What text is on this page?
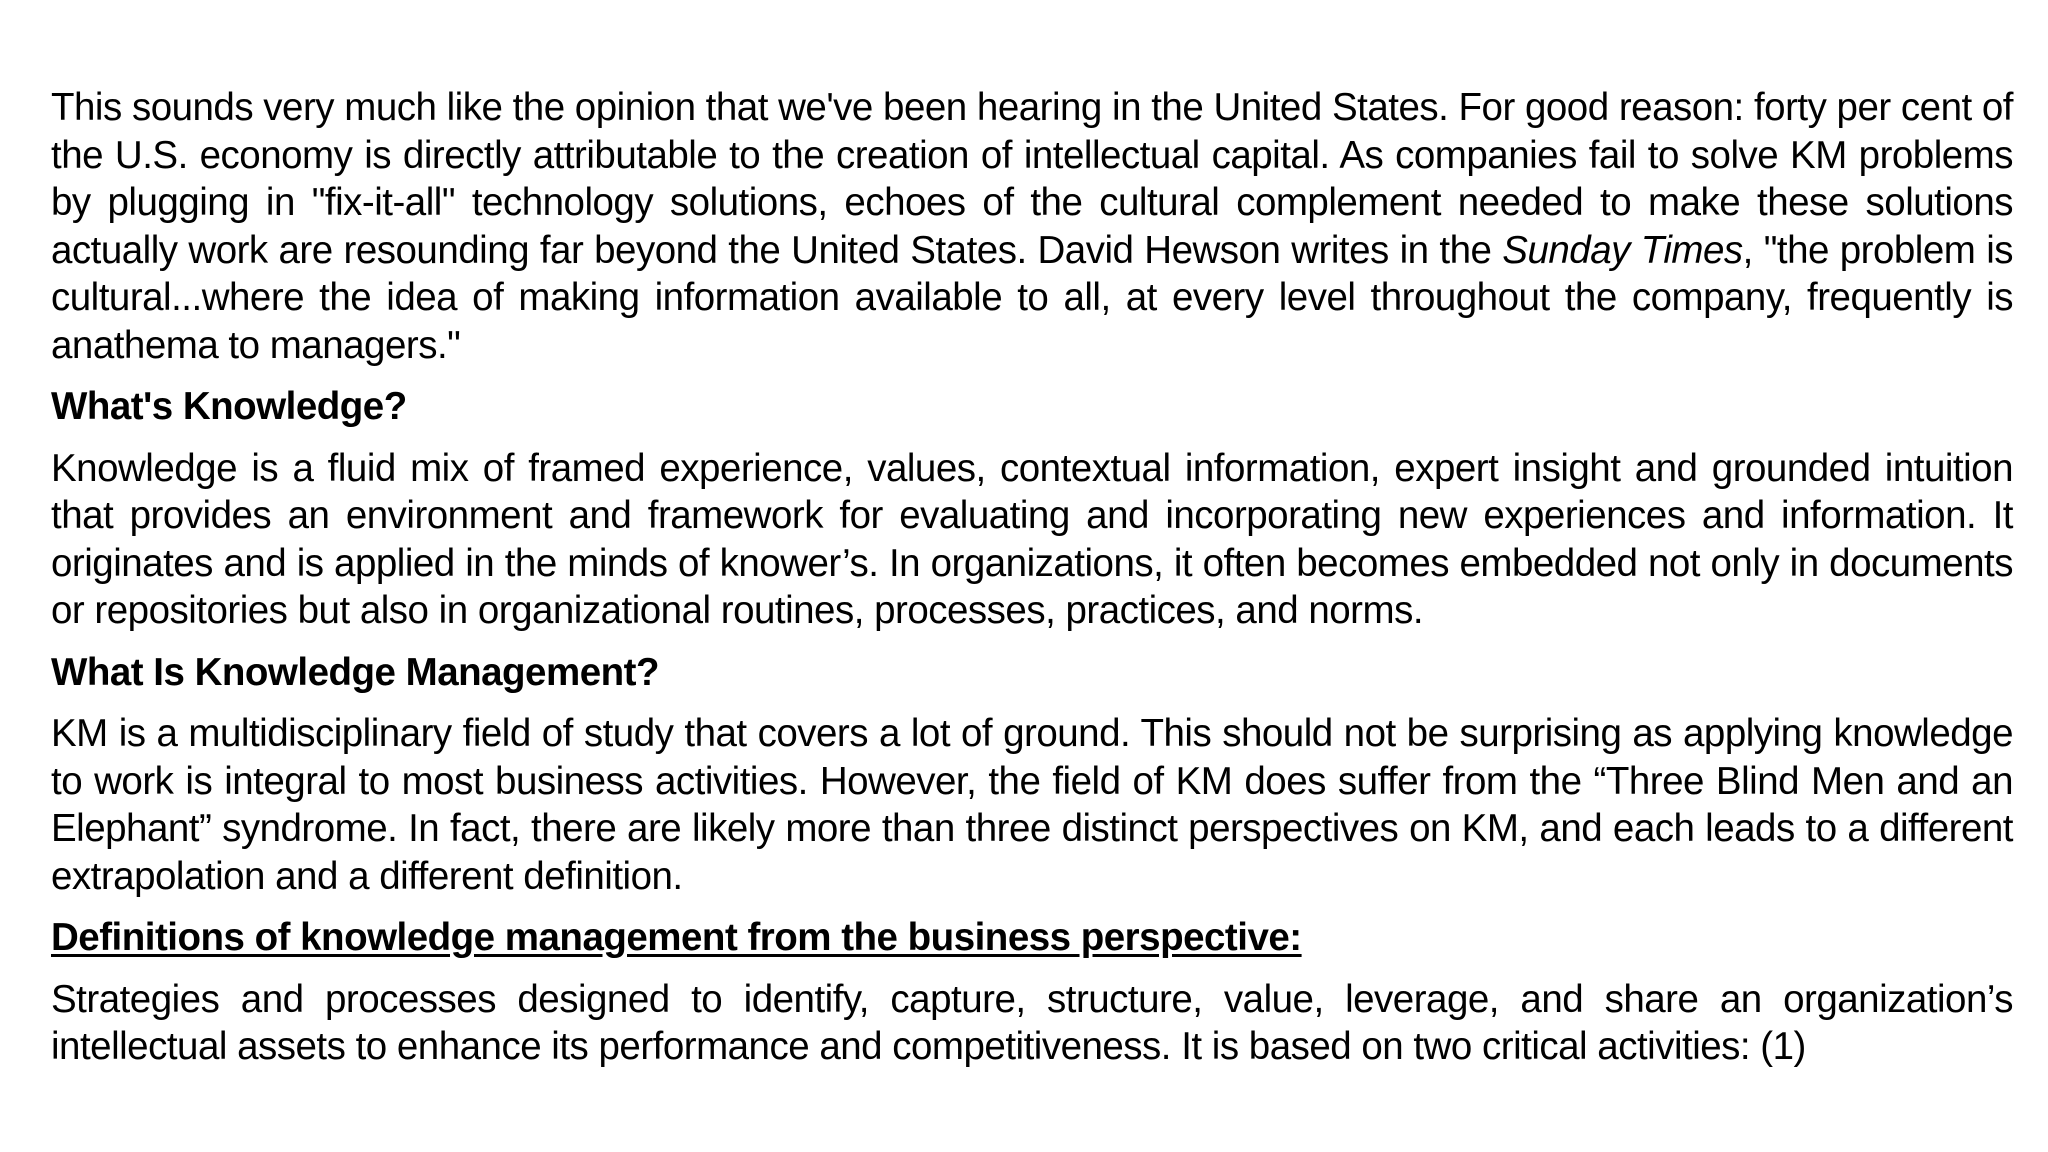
This sounds very much like the opinion that we've been hearing in the United States. For good reason: forty per cent of the U.S. economy is directly attributable to the creation of intellectual capital. As companies fail to solve KM problems by plugging in "fix-it-all" technology solutions, echoes of the cultural complement needed to make these solutions actually work are resounding far beyond the United States. David Hewson writes in the Sunday Times, "the problem is cultural...where the idea of making information available to all, at every level throughout the company, frequently is anathema to managers."

What's Knowledge?

Knowledge is a fluid mix of framed experience, values, contextual information, expert insight and grounded intuition that provides an environment and framework for evaluating and incorporating new experiences and information. It originates and is applied in the minds of knower’s. In organizations, it often becomes embedded not only in documents or repositories but also in organizational routines, processes, practices, and norms.

What Is Knowledge Management?

KM is a multidisciplinary field of study that covers a lot of ground. This should not be surprising as applying knowledge to work is integral to most business activities. However, the field of KM does suffer from the “Three Blind Men and an Elephant” syndrome. In fact, there are likely more than three distinct perspectives on KM, and each leads to a different extrapolation and a different definition.

Definitions of knowledge management from the business perspective:

Strategies and processes designed to identify, capture, structure, value, leverage, and share an organization’s intellectual assets to enhance its performance and competitiveness. It is based on two critical activities: (1)
